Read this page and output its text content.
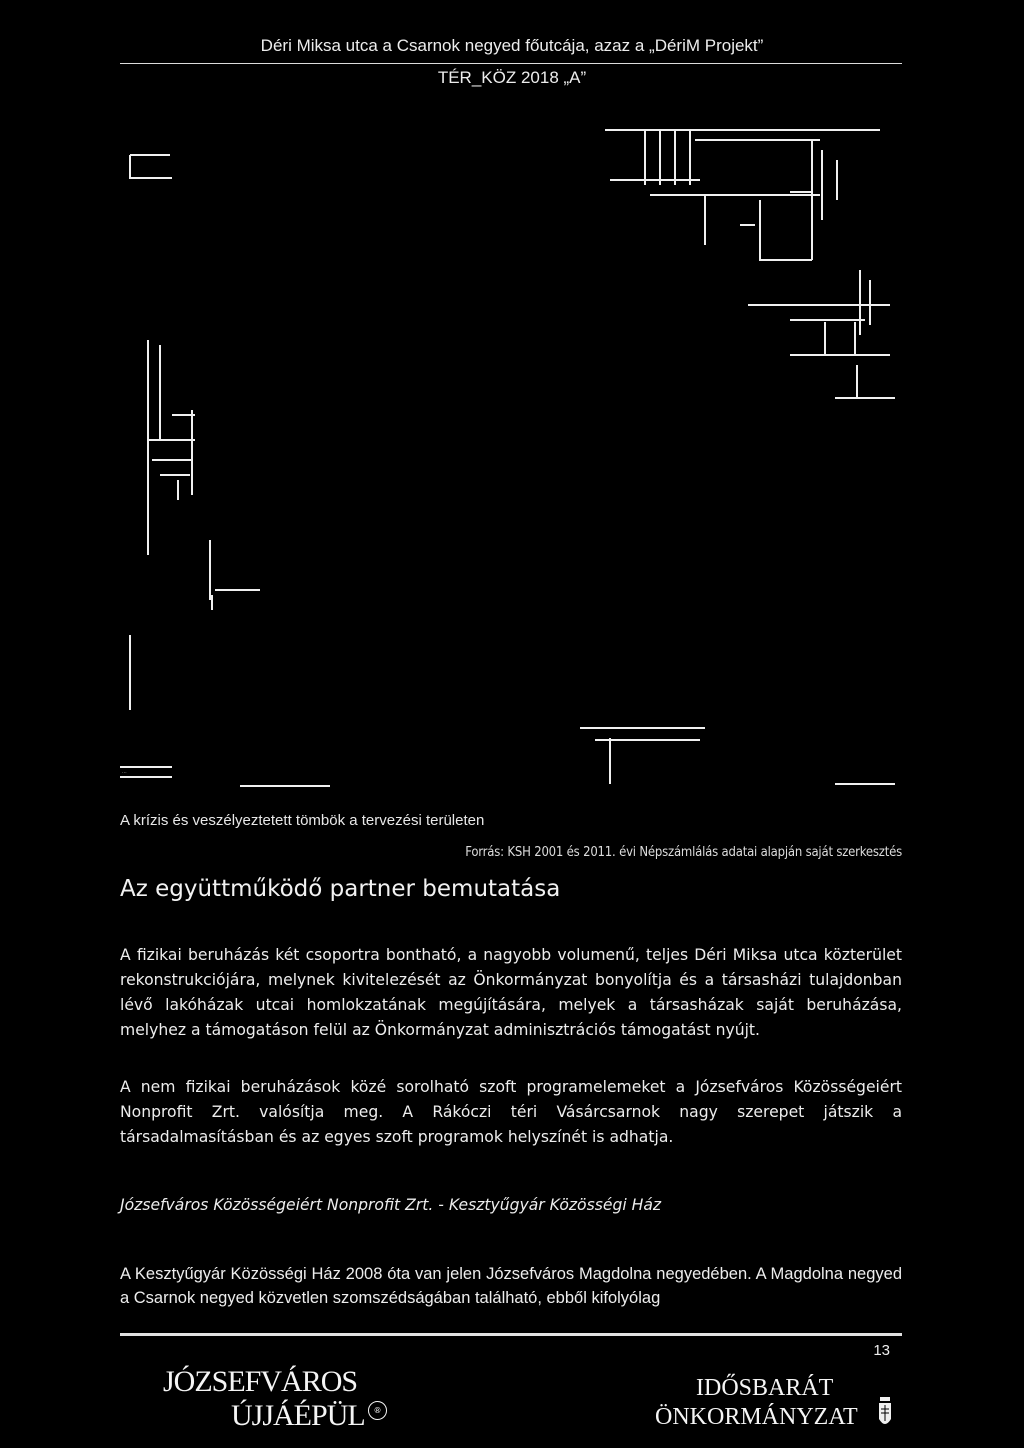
Déri Miksa utca a Csarnok negyed főutcája, azaz a „DériM Projekt”
TÉR_KÖZ 2018 „A”
···
A krízis és veszélyeztetett tömbök a tervezési területen
Forrás: KSH 2001 és 2011. évi Népszámlálás adatai alapján saját szerkesztés
Az együttműködő partner bemutatása
A fizikai beruházás két csoportra bontható, a nagyobb volumenű, teljes Déri Miksa utca közterület rekonstrukciójára, melynek kivitelezését az Önkormányzat bonyolítja és a társasházi tulajdonban lévő lakóházak utcai homlokzatának megújítására, melyek a társasházak saját beruházása, melyhez a támogatáson felül az Önkormányzat adminisztrációs támogatást nyújt.
A nem fizikai beruházások közé sorolható szoft programelemeket a Józsefváros Közösségeiért Nonprofit Zrt. valósítja meg. A Rákóczi téri Vásárcsarnok nagy szerepet játszik a társadalmasításban és az egyes szoft programok helyszínét is adhatja.
Józsefváros Közösségeiért Nonprofit Zrt. - Kesztyűgyár Közösségi Ház
A Kesztyűgyár Közösségi Ház 2008 óta van jelen Józsefváros Magdolna negyedében. A Magdolna negyed a Csarnok negyed közvetlen szomszédságában található, ebből kifolyólag
13
JÓZSEFVÁROS
ÚJJÁÉPÜL	®
IDŐSBARÁT
ÖNKORMÁNYZAT
